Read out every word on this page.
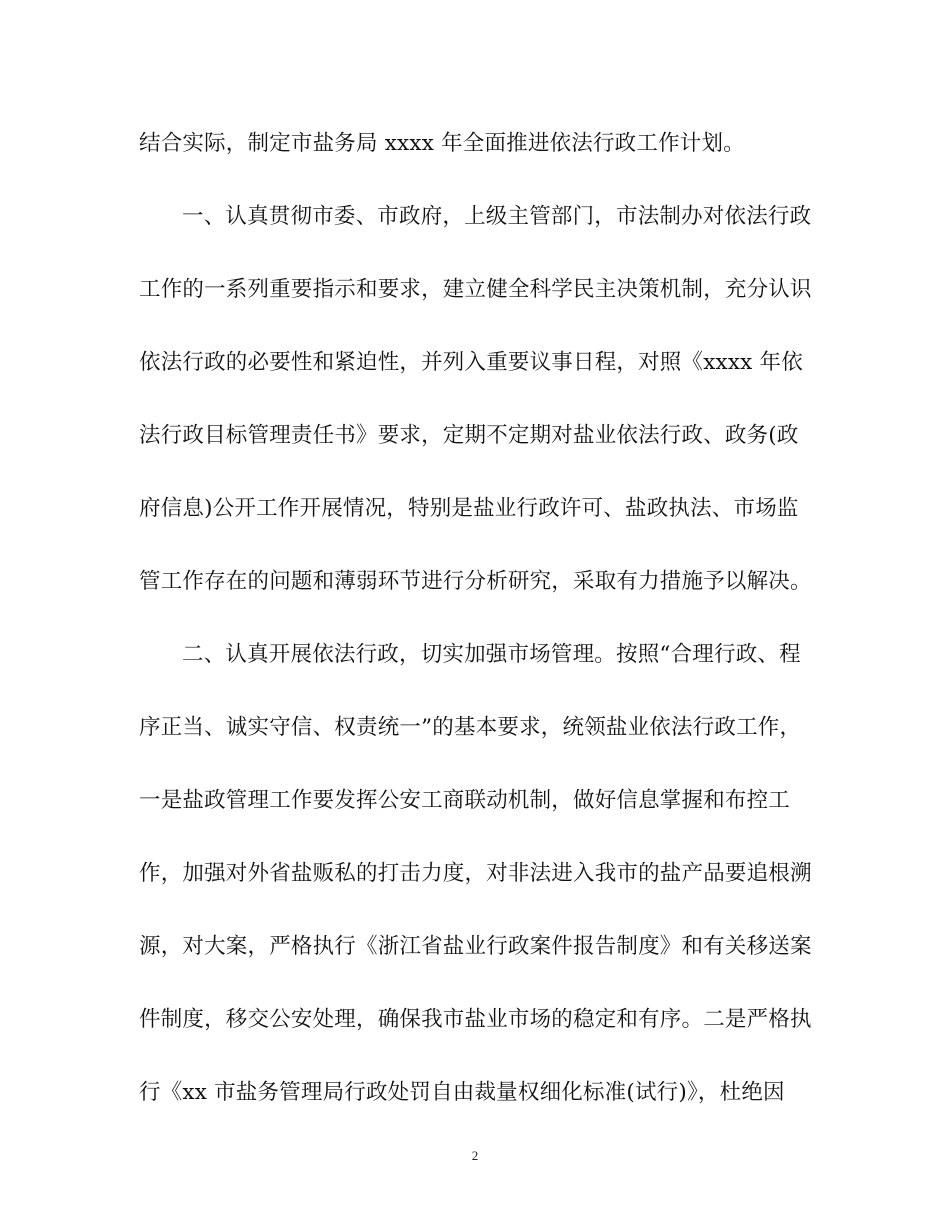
结合实际，制定市盐务局 xxxx 年全面推进依法行政工作计划。
一、认真贯彻市委、市政府，上级主管部门，市法制办对依法行政
工作的一系列重要指示和要求，建立健全科学民主决策机制，充分认识
依法行政的必要性和紧迫性，并列入重要议事日程，对照《xxxx 年依
法行政目标管理责任书》要求，定期不定期对盐业依法行政、政务(政
府信息)公开工作开展情况，特别是盐业行政许可、盐政执法、市场监
管工作存在的问题和薄弱环节进行分析研究，采取有力措施予以解决。
二、认真开展依法行政，切实加强市场管理。按照“合理行政、程
序正当、诚实守信、权责统一”的基本要求，统领盐业依法行政工作，
一是盐政管理工作要发挥公安工商联动机制，做好信息掌握和布控工
作，加强对外省盐贩私的打击力度，对非法进入我市的盐产品要追根溯
源，对大案，严格执行《浙江省盐业行政案件报告制度》和有关移送案
件制度，移交公安处理，确保我市盐业市场的稳定和有序。二是严格执
行《xx 市盐务管理局行政处罚自由裁量权细化标准(试行)》，杜绝因
2
